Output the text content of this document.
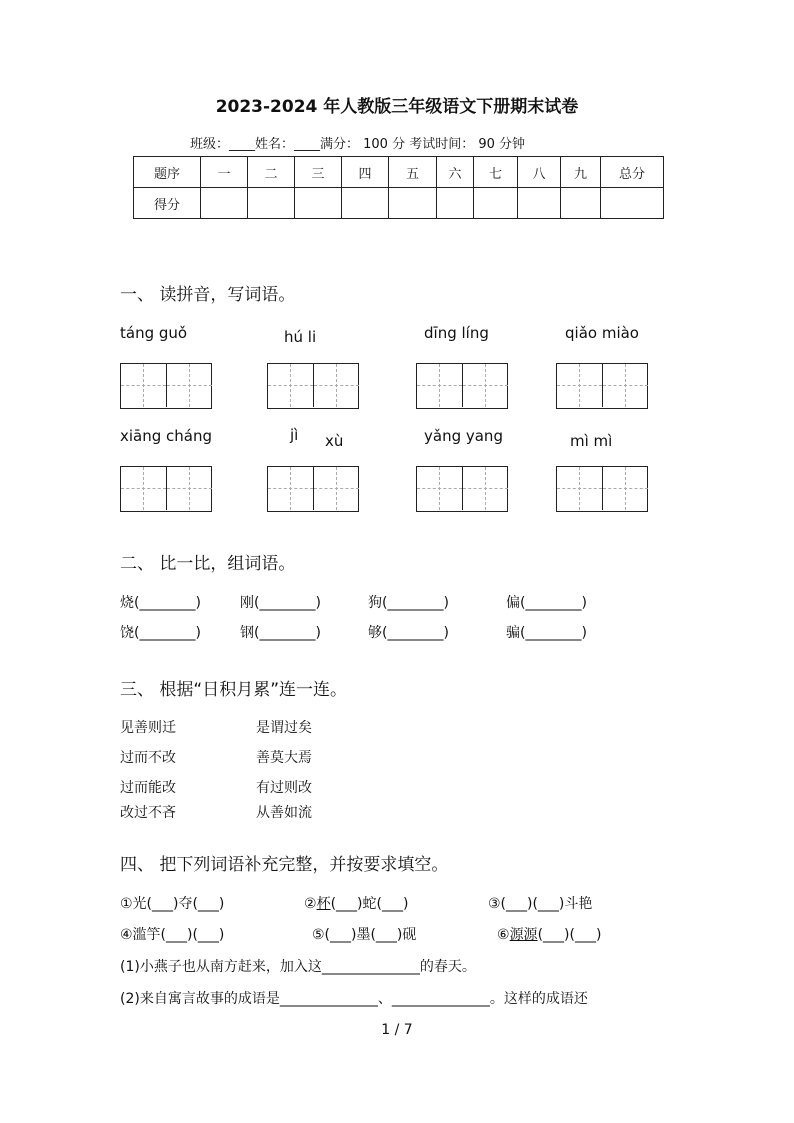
2023-2024 年人教版三年级语文下册期末试卷
班级：____姓名：____满分： 100 分 考试时间： 90 分钟
题序	一	二	三	四	五	六	七	八	九	总分
得分										
一、 读拼音，写词语。
táng guǒ	hú li	dīng líng	qiǎo miào
xiāng cháng	jì xù	yǎng yang	mì mì
二、 比一比，组词语。
烧(________)	刚(________)	狗(________)	偏(________)
饶(________)	钢(________)	够(________)	骗(________)
三、 根据“日积月累”连一连。
见善则迁
过而不改
过而能改
改过不吝
是谓过矣
善莫大焉
有过则改
从善如流
四、 把下列词语补充完整，并按要求填空。
①光(___)夺(___)	②杯(___)蛇(___)	③(___)(___)斗艳
④滥竽(___)(___)	⑤(___)墨(___)砚	⑥源源(___)(___)
(1)小燕子也从南方赶来，加入这______________的春天。
(2)来自寓言故事的成语是______________、______________。这样的成语还
1 / 7
